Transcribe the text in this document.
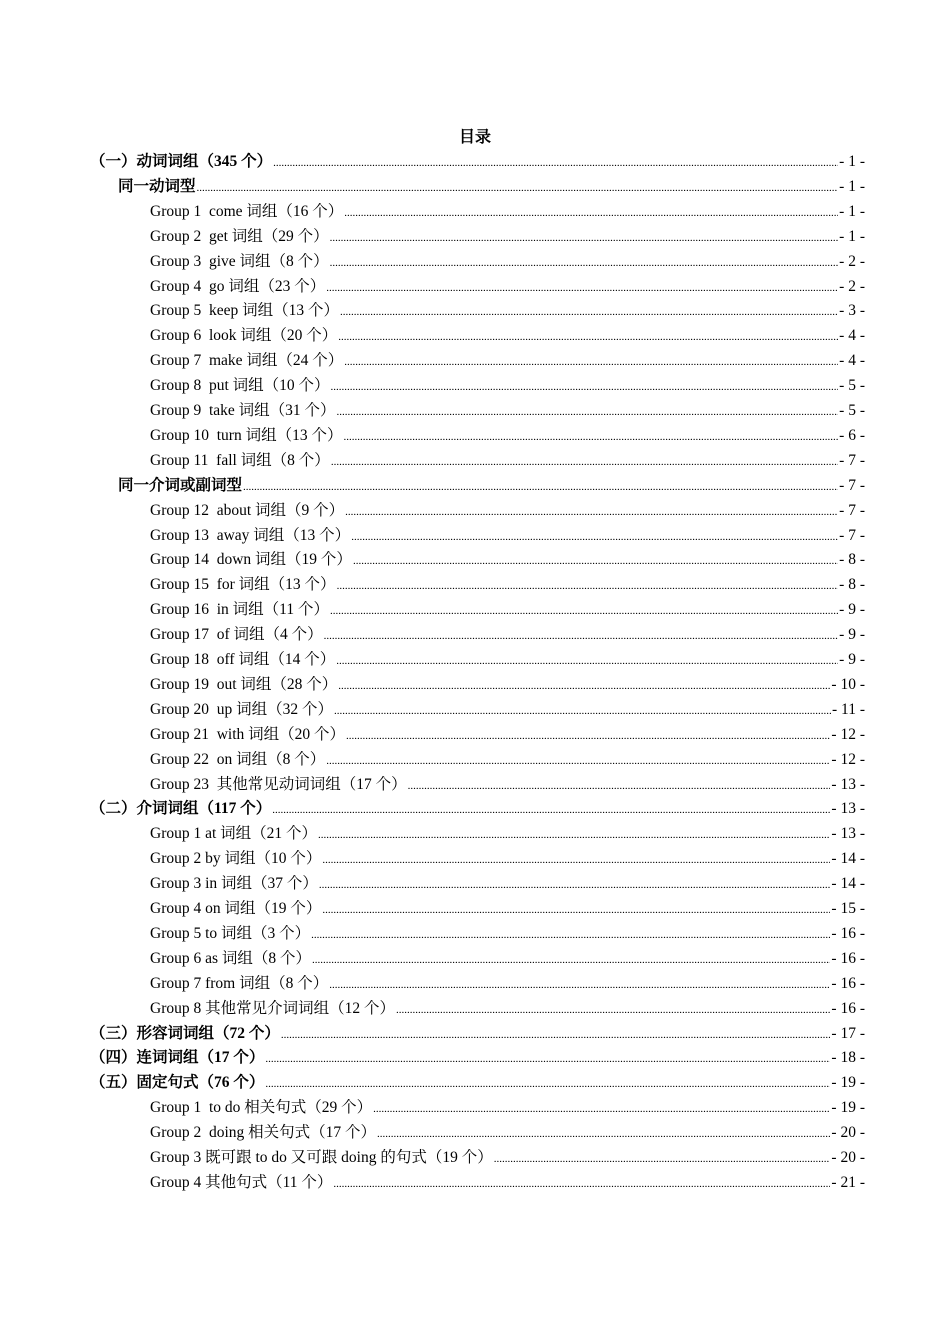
目录
（一）动词词组（345 个） .....	- 1 -
同一动词型 .....	- 1 -
Group 1  come 词组（16 个） .....	- 1 -
Group 2  get 词组（29 个） .....	- 1 -
Group 3  give 词组（8 个） .....	- 2 -
Group 4  go 词组（23 个） .....	- 2 -
Group 5  keep 词组（13 个） .....	- 3 -
Group 6  look 词组（20 个） .....	- 4 -
Group 7  make 词组（24 个） .....	- 4 -
Group 8  put 词组（10 个） .....	- 5 -
Group 9  take 词组（31 个） .....	- 5 -
Group 10  turn 词组（13 个） .....	- 6 -
Group 11  fall 词组（8 个） .....	- 7 -
同一介词或副词型 .....	- 7 -
Group 12  about 词组（9 个） .....	- 7 -
Group 13  away 词组（13 个） .....	- 7 -
Group 14  down 词组（19 个） .....	- 8 -
Group 15  for 词组（13 个） .....	- 8 -
Group 16  in 词组（11 个） .....	- 9 -
Group 17  of 词组（4 个） .....	- 9 -
Group 18  off 词组（14 个） .....	- 9 -
Group 19  out 词组（28 个） .....	- 10 -
Group 20  up 词组（32 个） .....	- 11 -
Group 21  with 词组（20 个） .....	- 12 -
Group 22  on 词组（8 个） .....	- 12 -
Group 23  其他常见动词词组（17 个） .....	- 13 -
（二）介词词组（117 个） .....	- 13 -
Group 1 at 词组（21 个） .....	- 13 -
Group 2 by 词组（10 个） .....	- 14 -
Group 3 in 词组（37 个） .....	- 14 -
Group 4 on 词组（19 个） .....	- 15 -
Group 5 to 词组（3 个） .....	- 16 -
Group 6 as 词组（8 个） .....	- 16 -
Group 7 from 词组（8 个） .....	- 16 -
Group 8 其他常见介词词组（12 个） .....	- 16 -
（三）形容词词组（72 个） .....	- 17 -
（四）连词词组（17 个） .....	- 18 -
（五）固定句式（76 个） .....	- 19 -
Group 1  to do 相关句式（29 个） .....	- 19 -
Group 2  doing 相关句式（17 个） .....	- 20 -
Group 3 既可跟 to do 又可跟 doing 的句式（19 个） .....	- 20 -
Group 4 其他句式（11 个） .....	- 21 -
